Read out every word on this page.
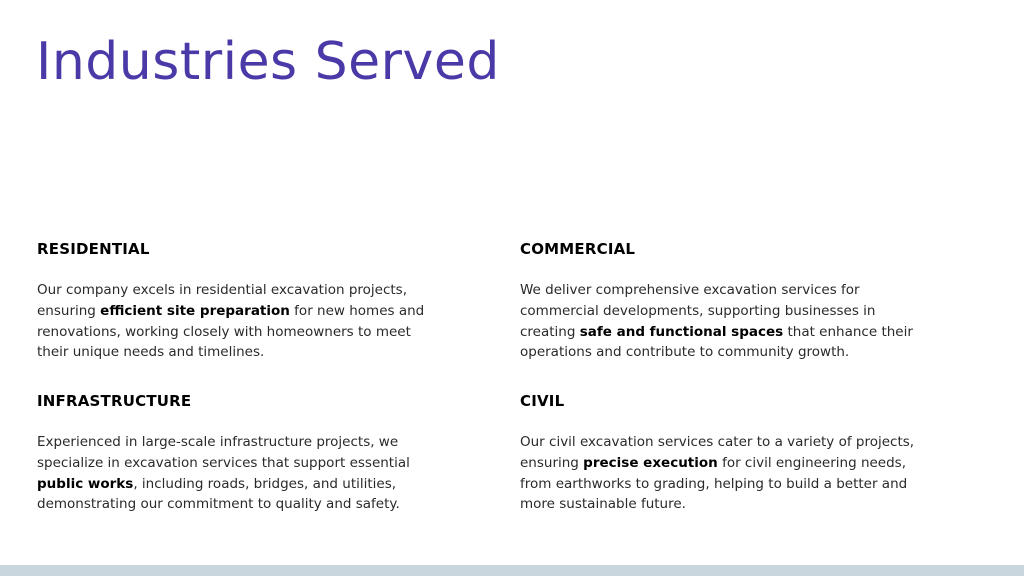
Industries Served
RESIDENTIAL

Our company excels in residential excavation projects, ensuring efficient site preparation for new homes and renovations, working closely with homeowners to meet their unique needs and timelines.

COMMERCIAL

We deliver comprehensive excavation services for commercial developments, supporting businesses in creating safe and functional spaces that enhance their operations and contribute to community growth.

INFRASTRUCTURE

Experienced in large-scale infrastructure projects, we specialize in excavation services that support essential public works, including roads, bridges, and utilities, demonstrating our commitment to quality and safety.

CIVIL

Our civil excavation services cater to a variety of projects, ensuring precise execution for civil engineering needs, from earthworks to grading, helping to build a better and more sustainable future.
